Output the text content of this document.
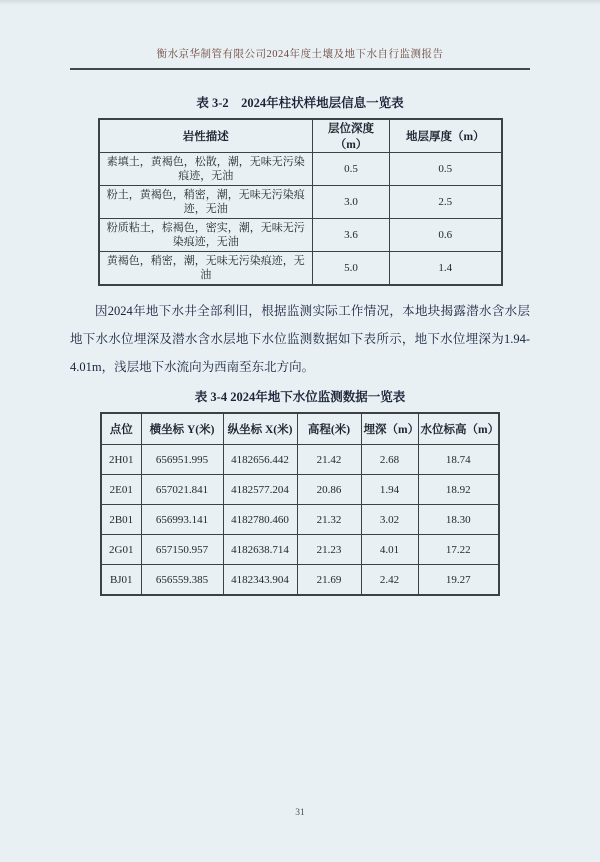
衡水京华制管有限公司2024年度土壤及地下水自行监测报告
表 3-2　2024年柱状样地层信息一览表
岩性描述	层位深度（m）	地层厚度（m）
素填土，黄褐色，松散，潮，无味无污染痕迹，无油	0.5	0.5
粉土，黄褐色，稍密，潮，无味无污染痕迹，无油	3.0	2.5
粉质粘土，棕褐色，密实，潮，无味无污染痕迹，无油	3.6	0.6
黄褐色，稍密，潮，无味无污染痕迹，无油	5.0	1.4

因2024年地下水井全部利旧，根据监测实际工作情况，本地块揭露潜水含水层地下水水位埋深及潜水含水层地下水位监测数据如下表所示，地下水位埋深为1.94-4.01m，浅层地下水流向为西南至东北方向。

表 3-4 2024年地下水位监测数据一览表
点位	横坐标 Y(米)	纵坐标 X(米)	高程(米)	埋深（m）	水位标高（m）
2H01	656951.995	4182656.442	21.42	2.68	18.74
2E01	657021.841	4182577.204	20.86	1.94	18.92
2B01	656993.141	4182780.460	21.32	3.02	18.30
2G01	657150.957	4182638.714	21.23	4.01	17.22
BJ01	656559.385	4182343.904	21.69	2.42	19.27
31
